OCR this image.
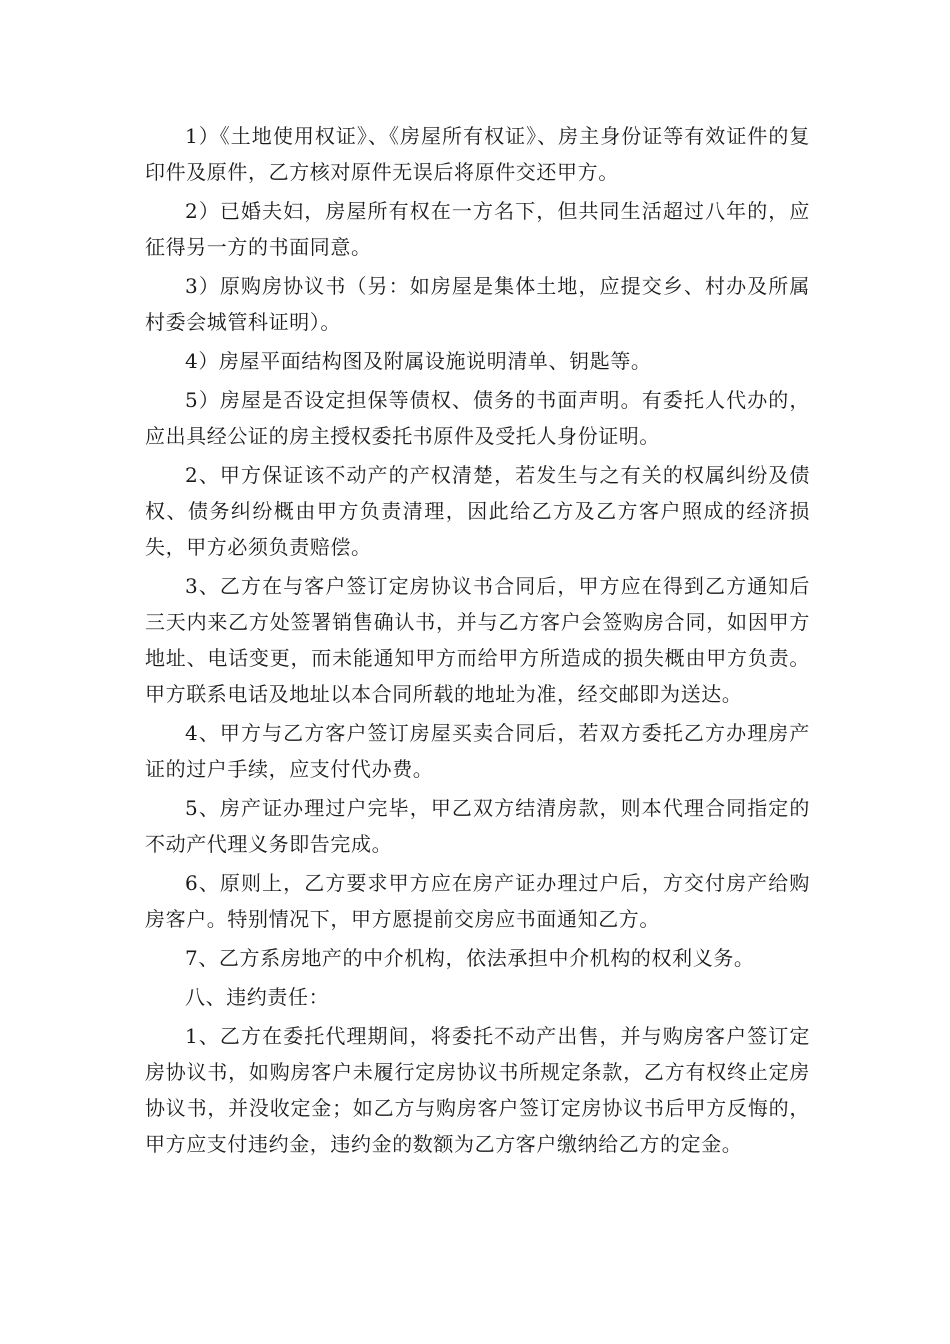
1）《土地使用权证》、《房屋所有权证》、房主身份证等有效证件的复印件及原件，乙方核对原件无误后将原件交还甲方。

2）已婚夫妇，房屋所有权在一方名下，但共同生活超过八年的，应征得另一方的书面同意。

3）原购房协议书（另：如房屋是集体土地，应提交乡、村办及所属村委会城管科证明）。

4）房屋平面结构图及附属设施说明清单、钥匙等。

5）房屋是否设定担保等债权、债务的书面声明。有委托人代办的，应出具经公证的房主授权委托书原件及受托人身份证明。

2、甲方保证该不动产的产权清楚，若发生与之有关的权属纠纷及债权、债务纠纷概由甲方负责清理，因此给乙方及乙方客户照成的经济损失，甲方必须负责赔偿。

3、乙方在与客户签订定房协议书合同后，甲方应在得到乙方通知后三天内来乙方处签署销售确认书，并与乙方客户会签购房合同，如因甲方地址、电话变更，而未能通知甲方而给甲方所造成的损失概由甲方负责。甲方联系电话及地址以本合同所载的地址为准，经交邮即为送达。

4、甲方与乙方客户签订房屋买卖合同后，若双方委托乙方办理房产证的过户手续，应支付代办费。

5、房产证办理过户完毕，甲乙双方结清房款，则本代理合同指定的不动产代理义务即告完成。

6、原则上，乙方要求甲方应在房产证办理过户后，方交付房产给购房客户。特别情况下，甲方愿提前交房应书面通知乙方。

7、乙方系房地产的中介机构，依法承担中介机构的权利义务。

八、违约责任：

1、乙方在委托代理期间，将委托不动产出售，并与购房客户签订定房协议书，如购房客户未履行定房协议书所规定条款，乙方有权终止定房协议书，并没收定金；如乙方与购房客户签订定房协议书后甲方反悔的，甲方应支付违约金，违约金的数额为乙方客户缴纳给乙方的定金。
